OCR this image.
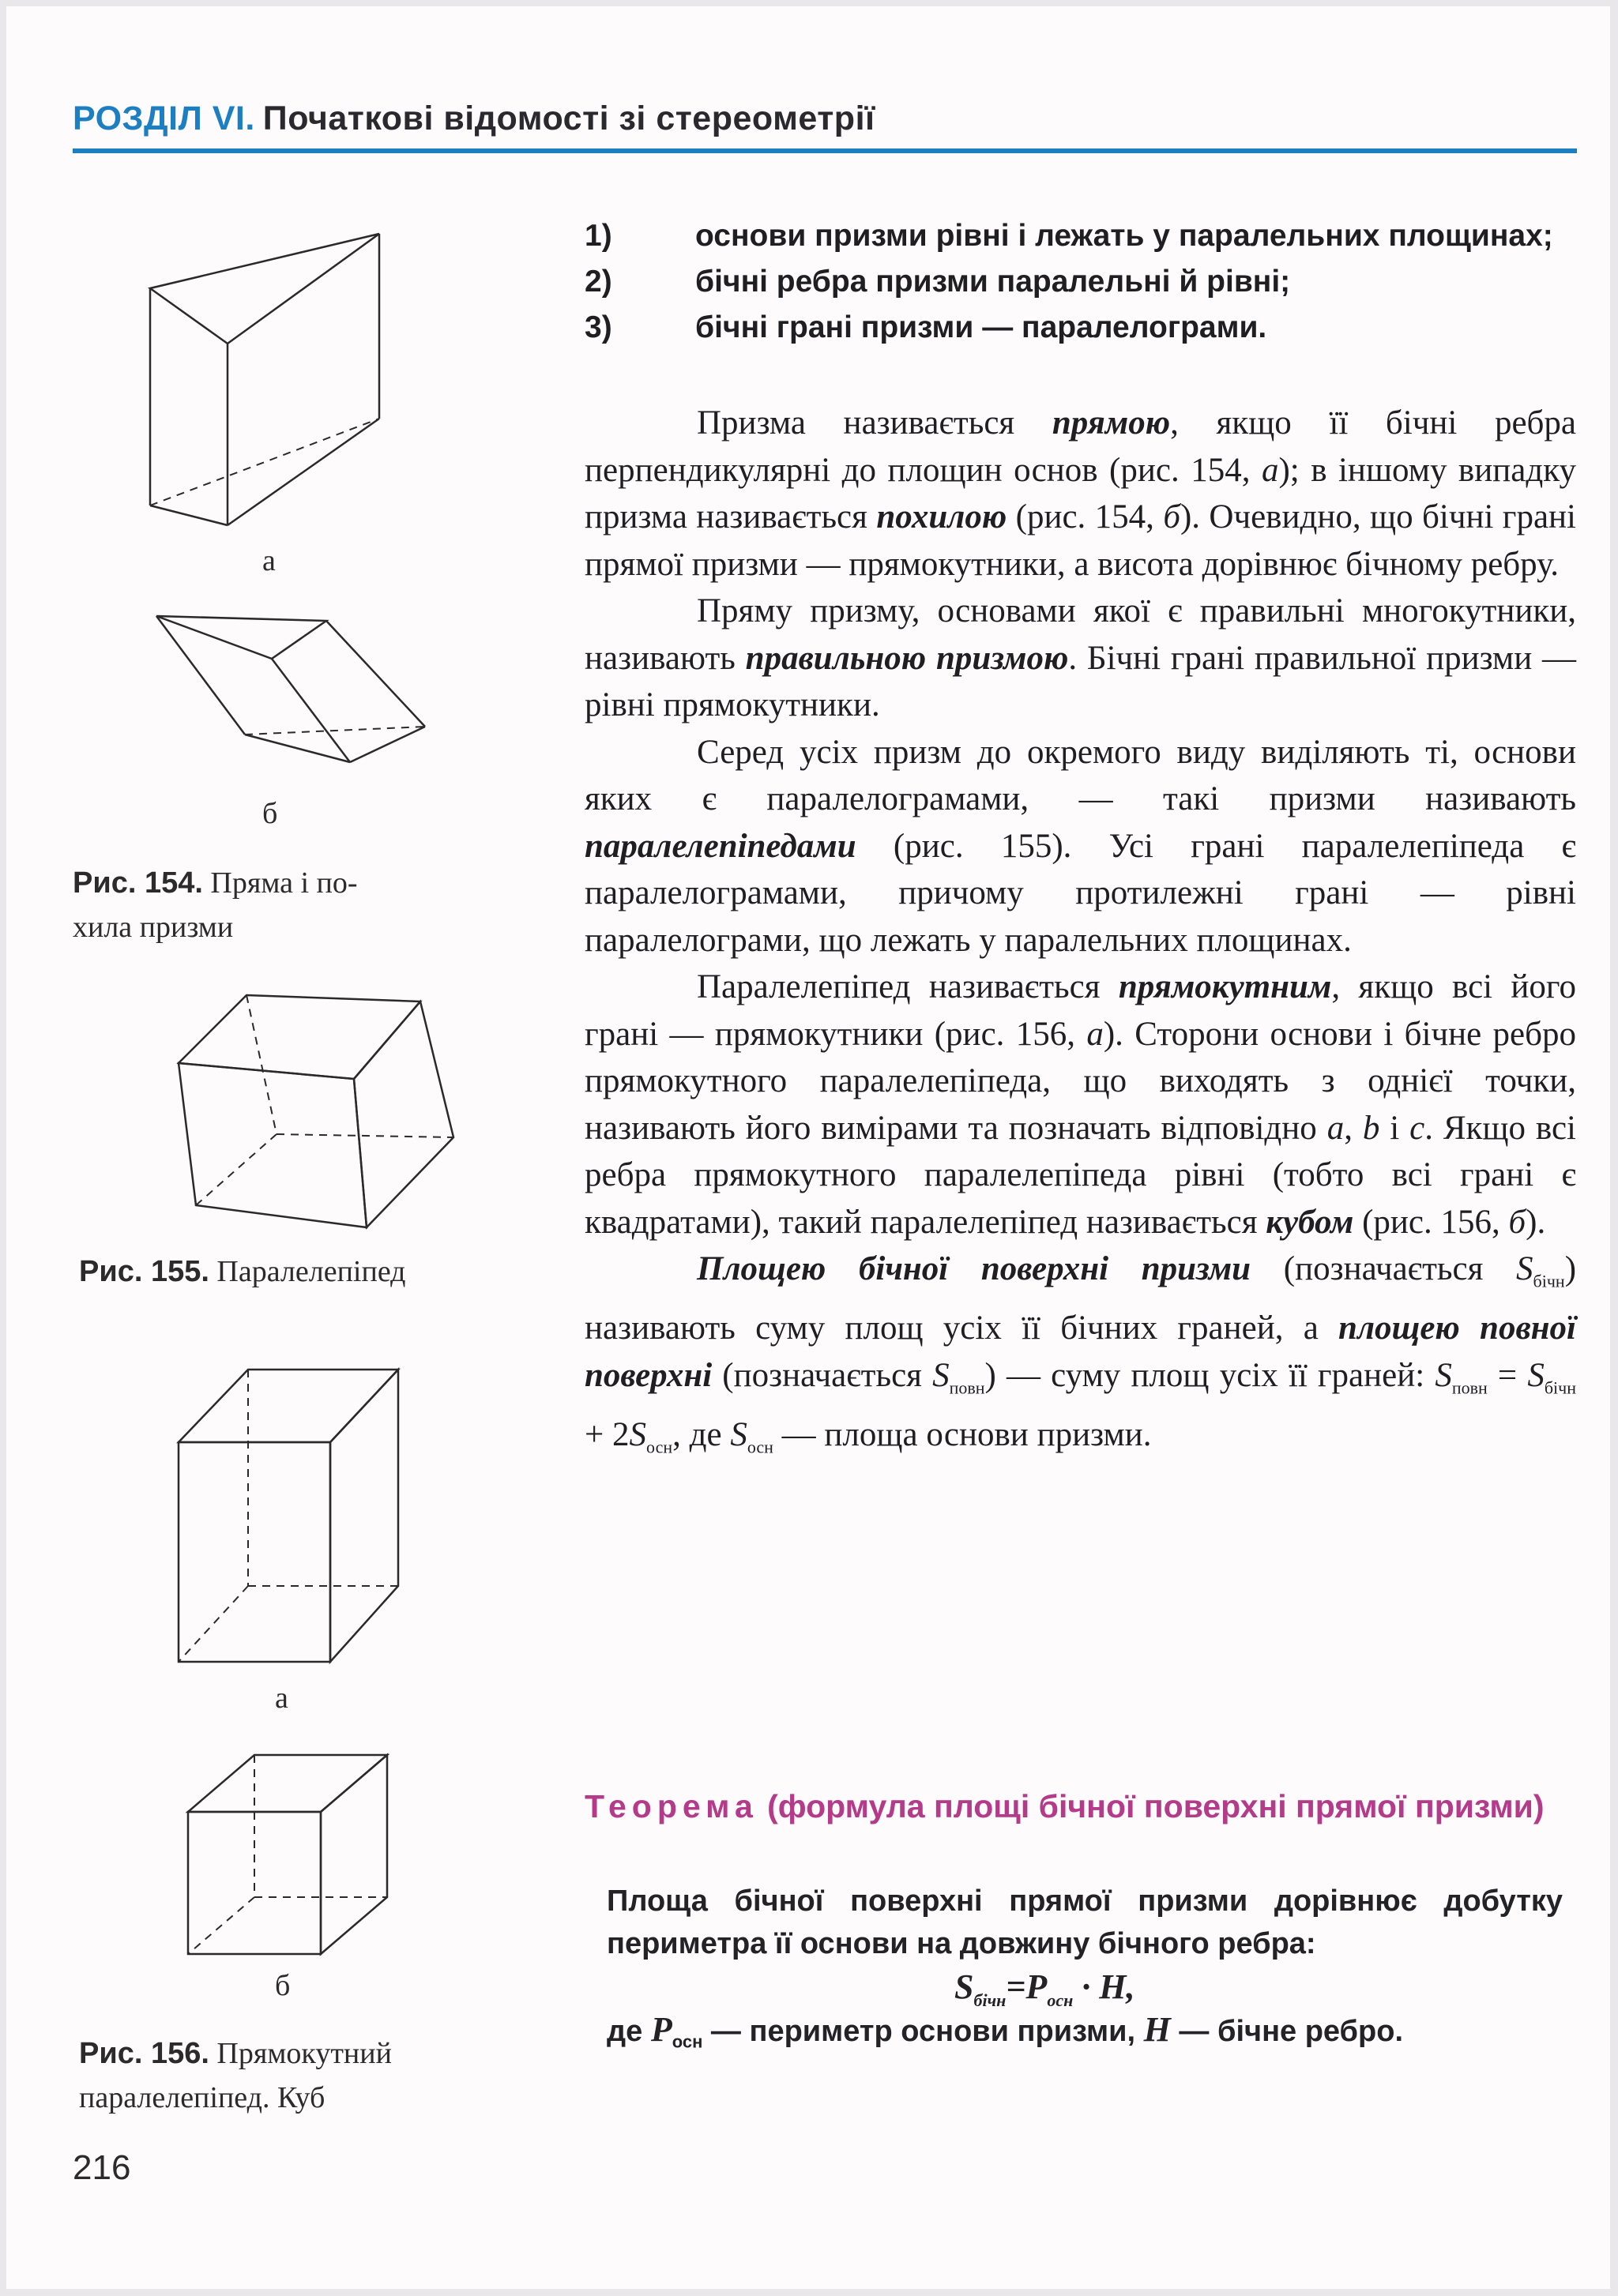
РОЗДІЛ VI. Початкові відомості зі стереометрії
а
б
Рис. 154. Пряма і по-
хила призми
Рис. 155. Паралелепіпед
а
б
Рис. 156. Прямокутний
паралелепіпед. Куб
1)	основи призми рівні і лежать у паралельних площинах;
2)	бічні ребра призми паралельні й рівні;
3)	бічні грані призми — паралелограми.

Призма називається прямою, якщо її бічні ребра перпендикулярні до площин основ (рис. 154, а); в іншому випадку призма називається похилою (рис. 154, б). Очевидно, що бічні грані прямої призми — прямокутники, а висота дорівнює бічному ребру.

Пряму призму, основами якої є правильні многокутники, називають правильною призмою. Бічні грані правильної призми — рівні прямокутники.

Серед усіх призм до окремого виду виділяють ті, основи яких є паралелограмами, — такі призми називають паралелепіпедами (рис. 155). Усі грані паралелепіпеда є паралелограмами, причому протилежні грані — рівні паралелограми, що лежать у паралельних площинах.

Паралелепіпед називається прямокутним, якщо всі його грані — прямокутники (рис. 156, а). Сторони основи і бічне ребро прямокутного паралелепіпеда, що виходять з однієї точки, називають його вимірами та позначать відповідно a, b і c. Якщо всі ребра прямокутного паралелепіпеда рівні (тобто всі грані є квадратами), такий паралелепіпед називається кубом (рис. 156, б).

Площею бічної поверхні призми (позначається $S_{бічн}$) називають суму площ усіх її бічних граней, а площею повної поверхні (позначається $S_{повн}$) — суму площ усіх її граней: $S_{повн} = S_{бічн} + 2S_{осн}$, де $S_{осн}$ — площа основи призми.

Теорема (формула площі бічної поверхні прямої призми)
Площа бічної поверхні прямої призми дорівнює добутку периметра її основи на довжину бічного ребра:
$S_{бічн}=P_{осн} \cdot H$,
де $P_{осн}$ — периметр основи призми, H — бічне ребро.
216
